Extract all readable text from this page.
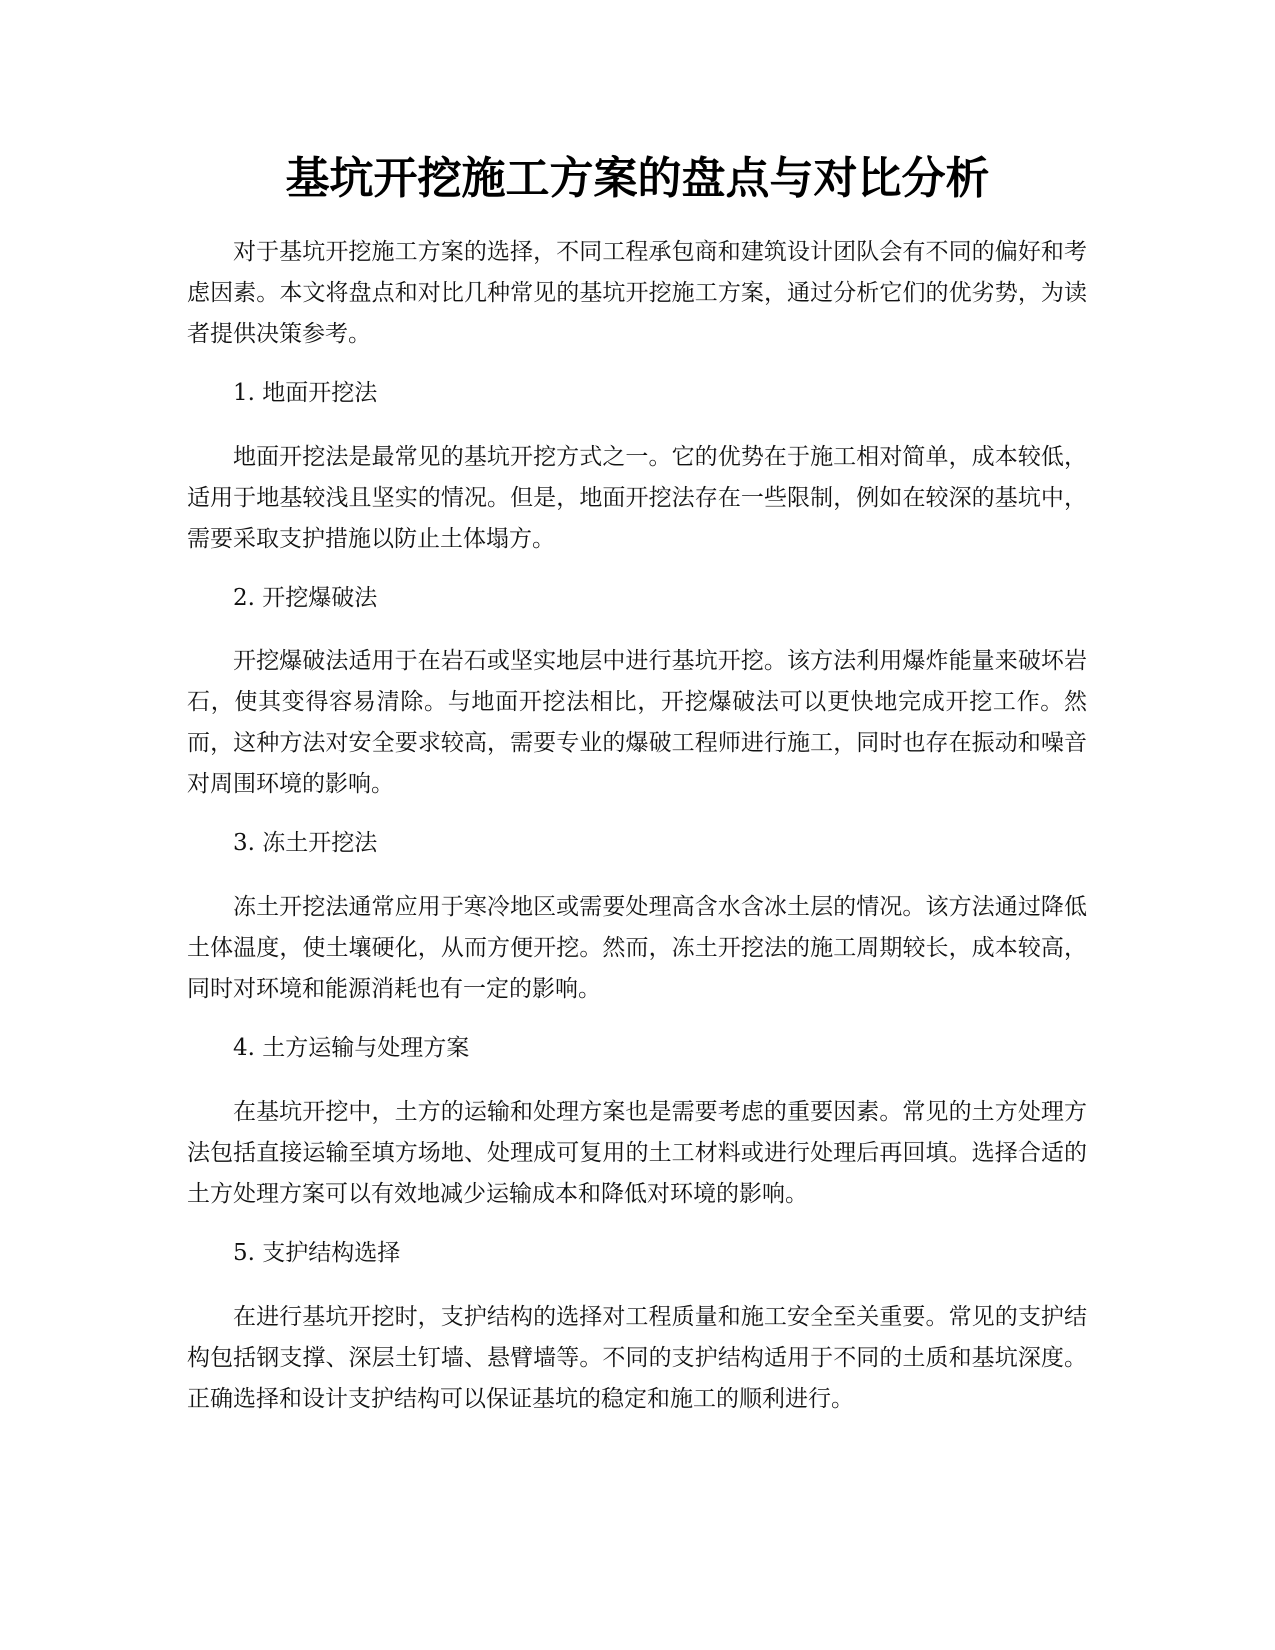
基坑开挖施工方案的盘点与对比分析

对于基坑开挖施工方案的选择，不同工程承包商和建筑设计团队会有不同的偏好和考虑因素。本文将盘点和对比几种常见的基坑开挖施工方案，通过分析它们的优劣势，为读者提供决策参考。

1. 地面开挖法

地面开挖法是最常见的基坑开挖方式之一。它的优势在于施工相对简单，成本较低，适用于地基较浅且坚实的情况。但是，地面开挖法存在一些限制，例如在较深的基坑中，需要采取支护措施以防止土体塌方。

2. 开挖爆破法

开挖爆破法适用于在岩石或坚实地层中进行基坑开挖。该方法利用爆炸能量来破坏岩石，使其变得容易清除。与地面开挖法相比，开挖爆破法可以更快地完成开挖工作。然而，这种方法对安全要求较高，需要专业的爆破工程师进行施工，同时也存在振动和噪音对周围环境的影响。

3. 冻土开挖法

冻土开挖法通常应用于寒冷地区或需要处理高含水含冰土层的情况。该方法通过降低土体温度，使土壤硬化，从而方便开挖。然而，冻土开挖法的施工周期较长，成本较高，同时对环境和能源消耗也有一定的影响。

4. 土方运输与处理方案

在基坑开挖中，土方的运输和处理方案也是需要考虑的重要因素。常见的土方处理方法包括直接运输至填方场地、处理成可复用的土工材料或进行处理后再回填。选择合适的土方处理方案可以有效地减少运输成本和降低对环境的影响。

5. 支护结构选择

在进行基坑开挖时，支护结构的选择对工程质量和施工安全至关重要。常见的支护结构包括钢支撑、深层土钉墙、悬臂墙等。不同的支护结构适用于不同的土质和基坑深度。正确选择和设计支护结构可以保证基坑的稳定和施工的顺利进行。
